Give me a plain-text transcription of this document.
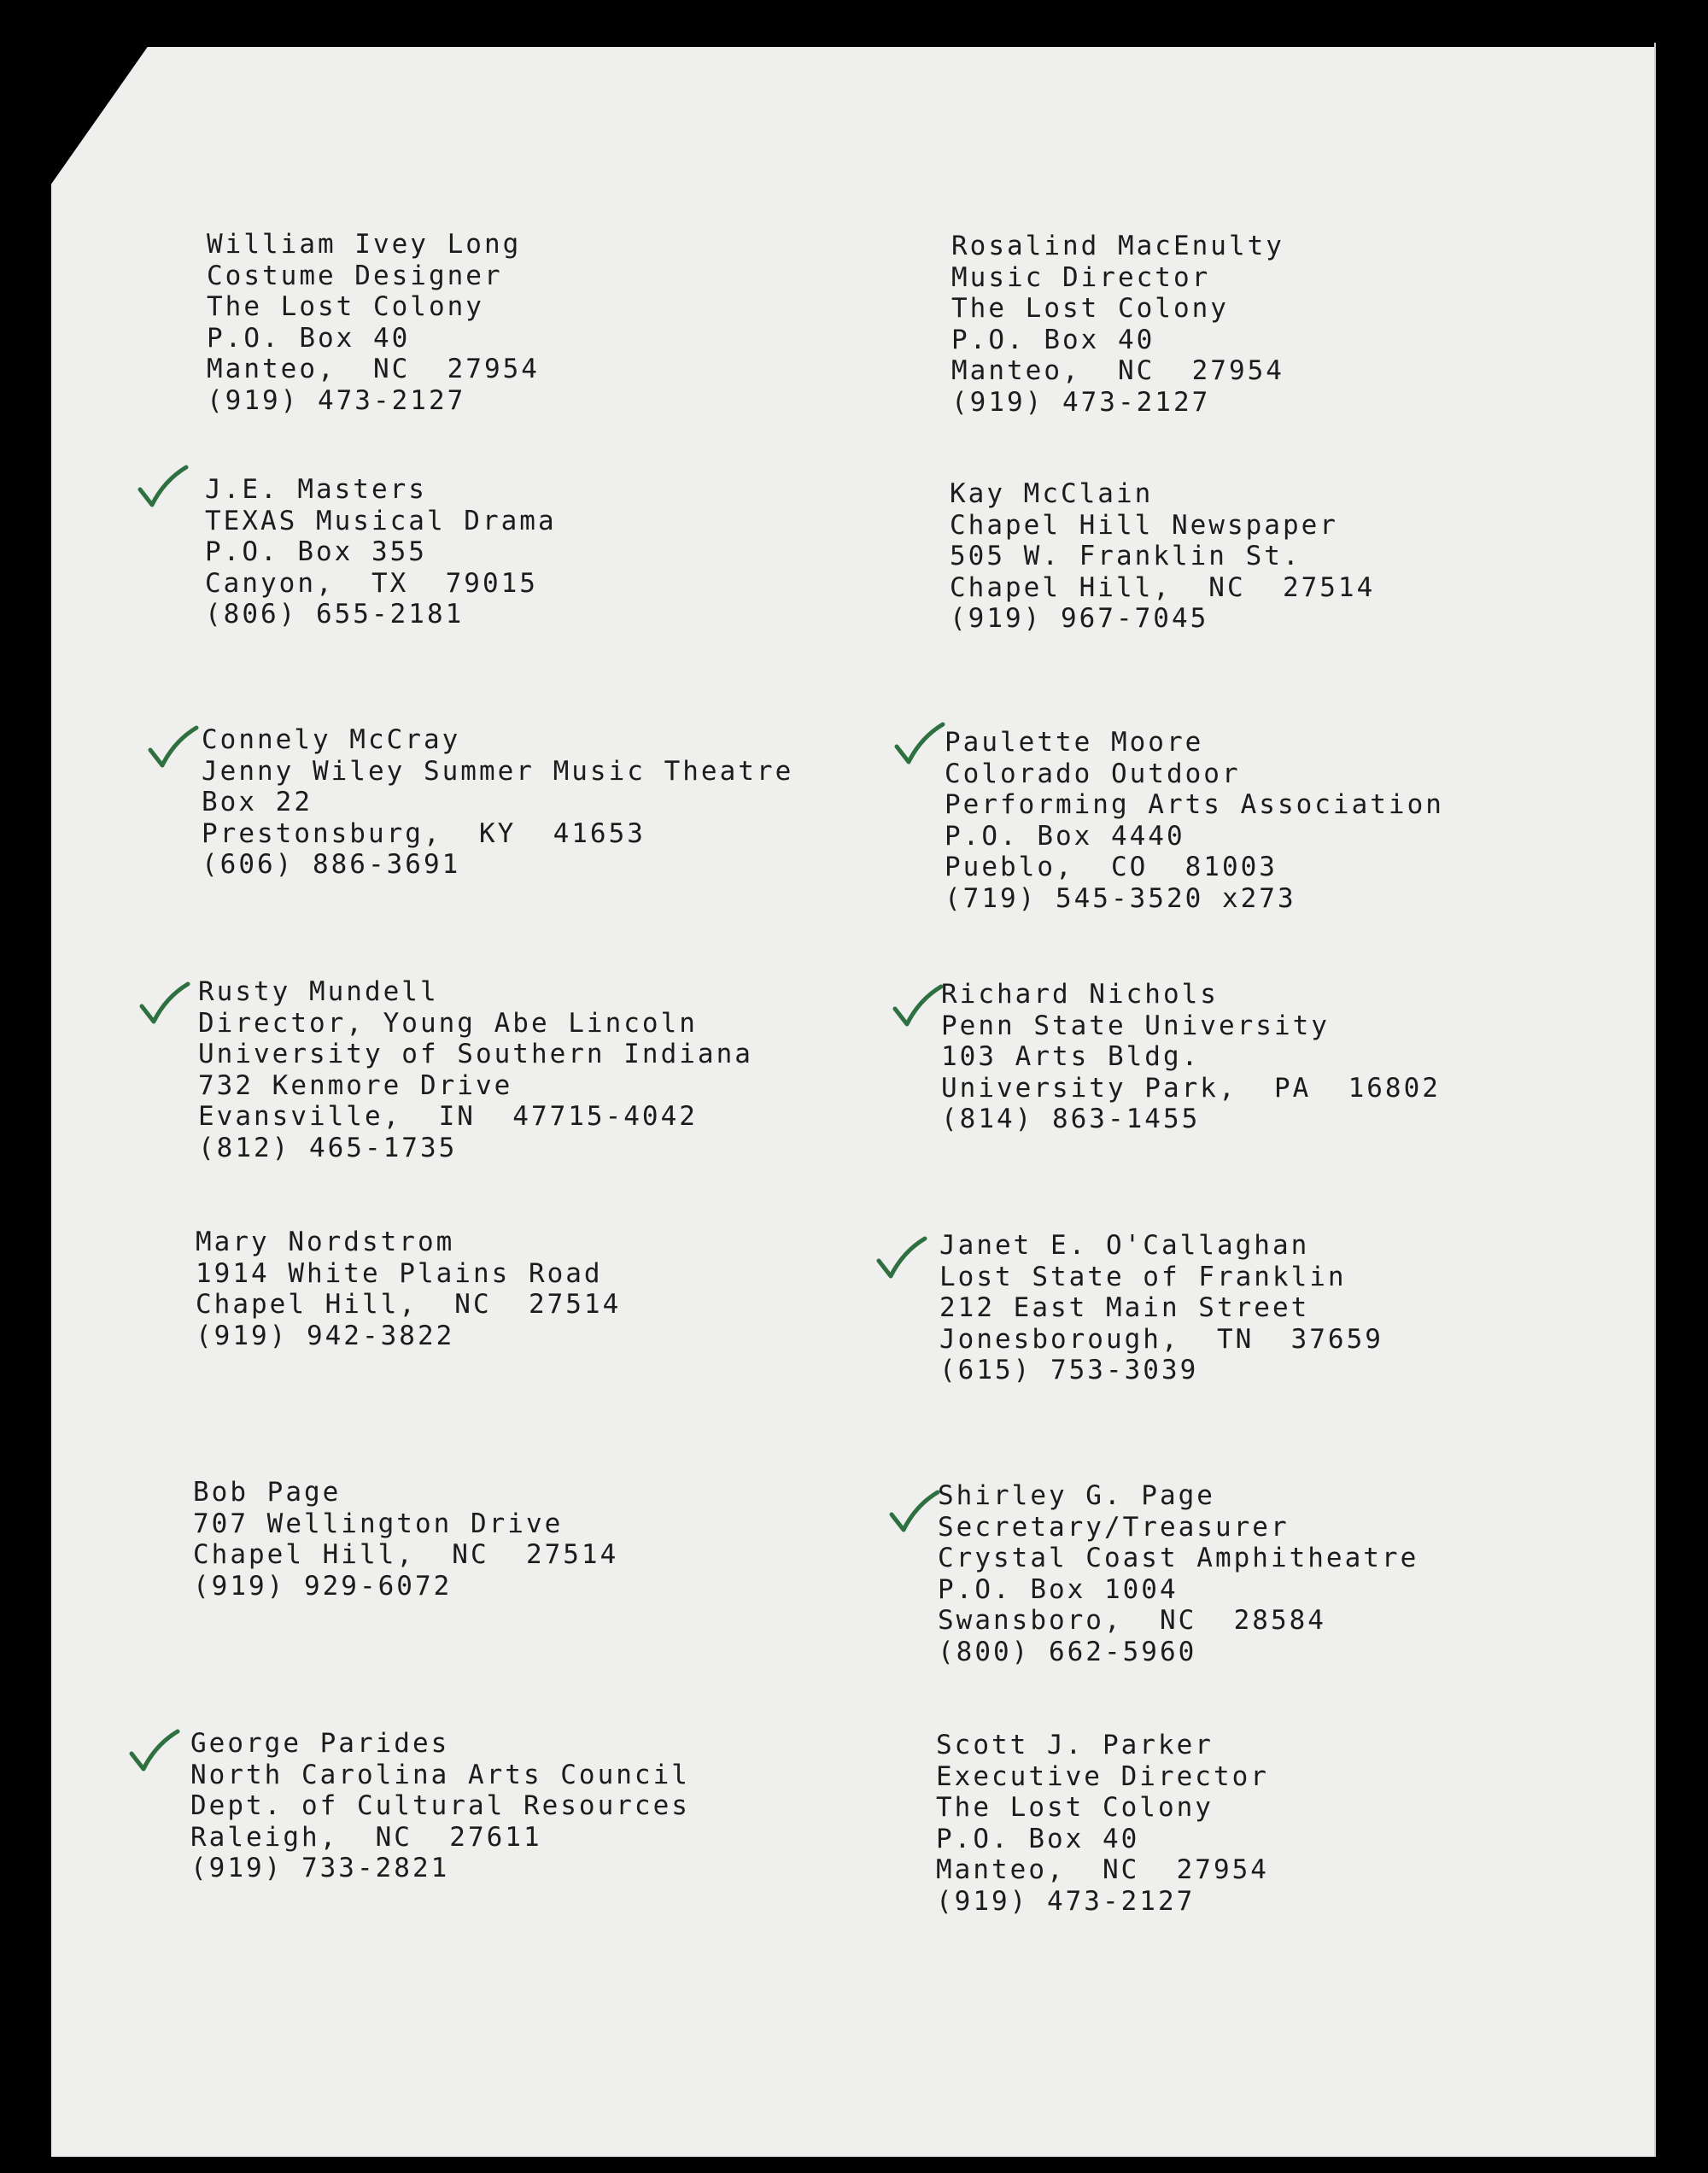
William Ivey Long
Costume Designer
The Lost Colony
P.O. Box 40
Manteo,  NC  27954
(919) 473-2127
Rosalind MacEnulty
Music Director
The Lost Colony
P.O. Box 40
Manteo,  NC  27954
(919) 473-2127
J.E. Masters
TEXAS Musical Drama
P.O. Box 355
Canyon,  TX  79015
(806) 655-2181
Kay McClain
Chapel Hill Newspaper
505 W. Franklin St.
Chapel Hill,  NC  27514
(919) 967-7045
Connely McCray
Jenny Wiley Summer Music Theatre
Box 22
Prestonsburg,  KY  41653
(606) 886-3691
Paulette Moore
Colorado Outdoor
Performing Arts Association
P.O. Box 4440
Pueblo,  CO  81003
(719) 545-3520 x273
Rusty Mundell
Director, Young Abe Lincoln
University of Southern Indiana
732 Kenmore Drive
Evansville,  IN  47715-4042
(812) 465-1735
Richard Nichols
Penn State University
103 Arts Bldg.
University Park,  PA  16802
(814) 863-1455
Mary Nordstrom
1914 White Plains Road
Chapel Hill,  NC  27514
(919) 942-3822
Janet E. O'Callaghan
Lost State of Franklin
212 East Main Street
Jonesborough,  TN  37659
(615) 753-3039
Bob Page
707 Wellington Drive
Chapel Hill,  NC  27514
(919) 929-6072
Shirley G. Page
Secretary/Treasurer
Crystal Coast Amphitheatre
P.O. Box 1004
Swansboro,  NC  28584
(800) 662-5960
George Parides
North Carolina Arts Council
Dept. of Cultural Resources
Raleigh,  NC  27611
(919) 733-2821
Scott J. Parker
Executive Director
The Lost Colony
P.O. Box 40
Manteo,  NC  27954
(919) 473-2127
